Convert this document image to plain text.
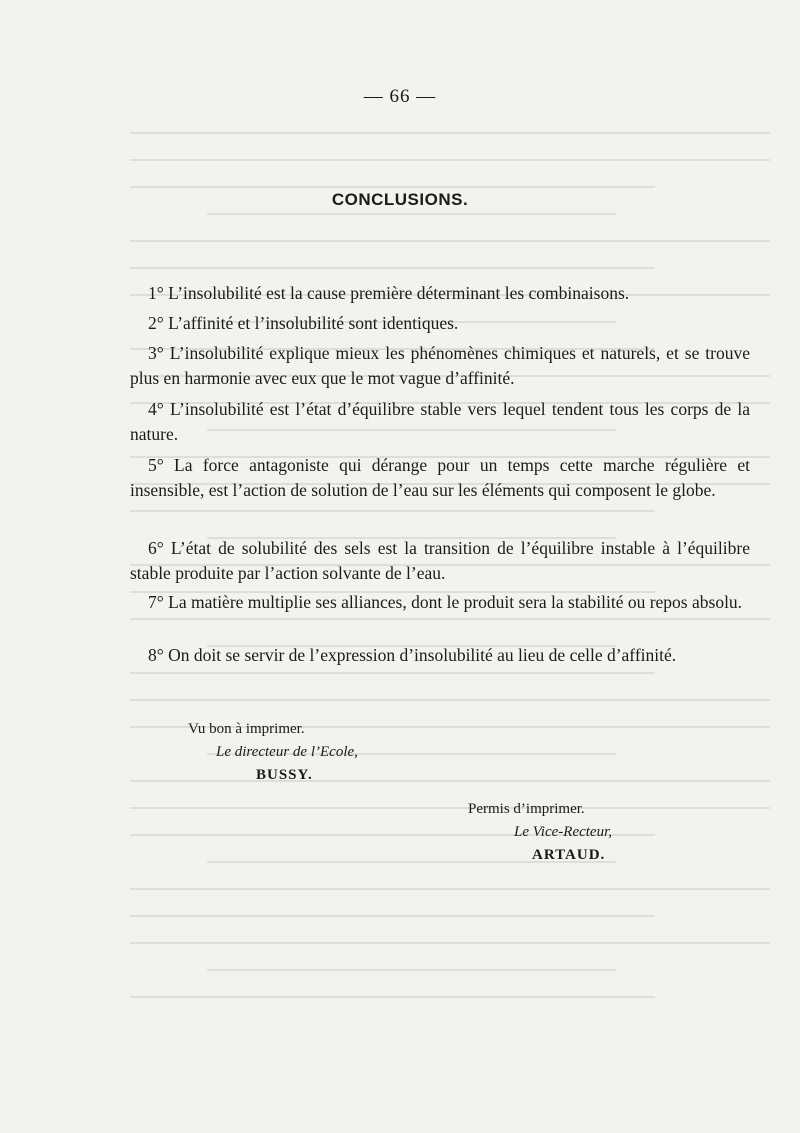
— 66 —
CONCLUSIONS.
1° L’insolubilité est la cause première déterminant les combinaisons.
2° L’affinité et l’insolubilité sont identiques.
3° L’insolubilité explique mieux les phénomènes chimiques et naturels, et se trouve plus en harmonie avec eux que le mot vague d’affinité.
4° L’insolubilité est l’état d’équilibre stable vers lequel tendent tous les corps de la nature.
5° La force antagoniste qui dérange pour un temps cette marche régulière et insensible, est l’action de solution de l’eau sur les éléments qui composent le globe.
6° L’état de solubilité des sels est la transition de l’équilibre instable à l’équilibre stable produite par l’action solvante de l’eau.
7° La matière multiplie ses alliances, dont le produit sera la stabilité ou repos absolu.
8° On doit se servir de l’expression d’insolubilité au lieu de celle d’affinité.
Vu bon à imprimer.
Le directeur de l’Ecole,
BUSSY.
Permis d’imprimer.
Le Vice-Recteur,
ARTAUD.
